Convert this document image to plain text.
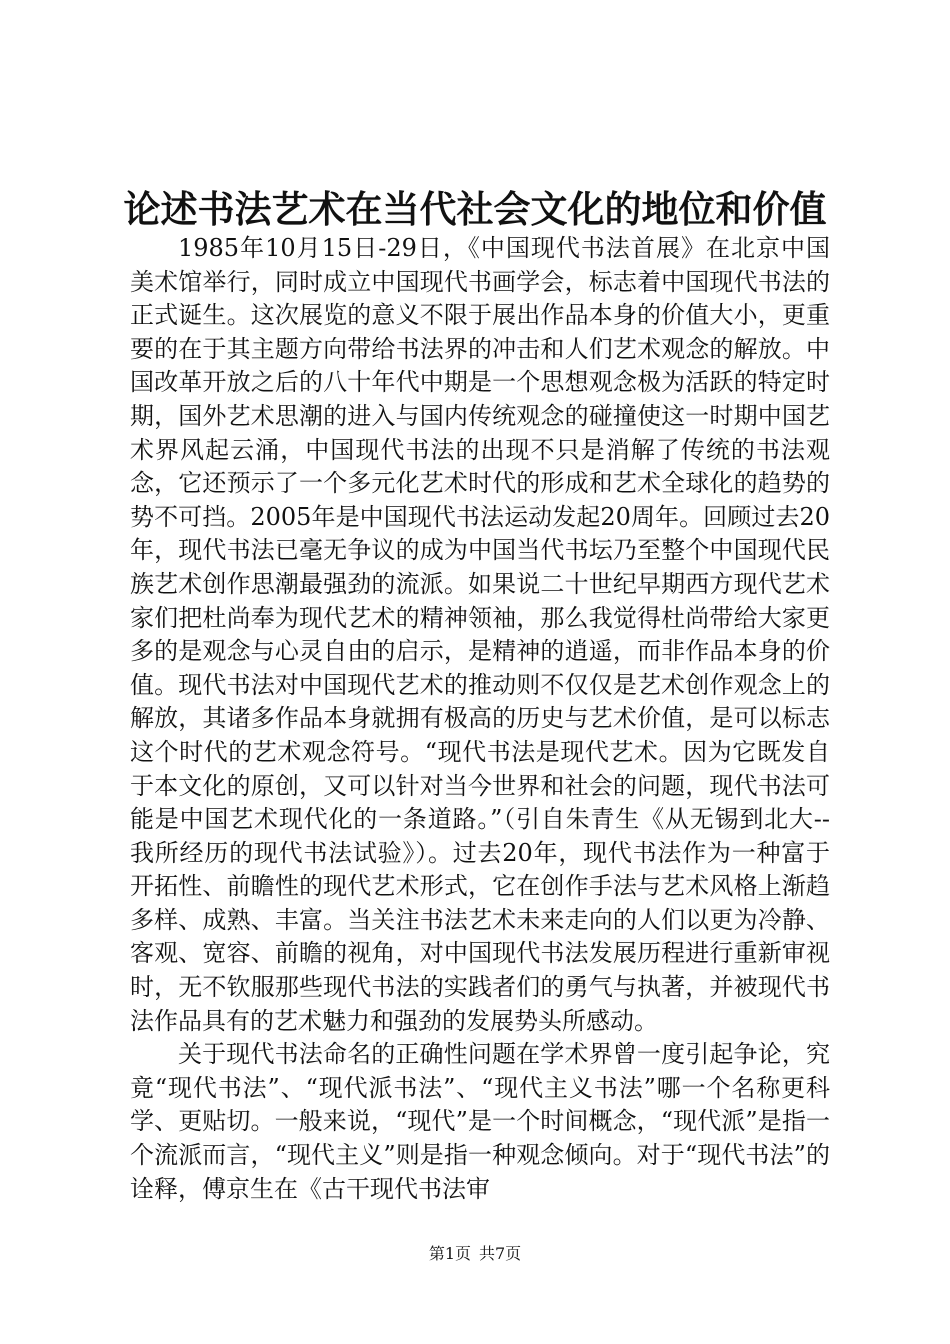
论述书法艺术在当代社会文化的地位和价值

1985年10月15日-29日，《中国现代书法首展》在北京中国美术馆举行，同时成立中国现代书画学会，标志着中国现代书法的正式诞生。这次展览的意义不限于展出作品本身的价值大小，更重要的在于其主题方向带给书法界的冲击和人们艺术观念的解放。中国改革开放之后的八十年代中期是一个思想观念极为活跃的特定时期，国外艺术思潮的进入与国内传统观念的碰撞使这一时期中国艺术界风起云涌，中国现代书法的出现不只是消解了传统的书法观念，它还预示了一个多元化艺术时代的形成和艺术全球化的趋势的势不可挡。2005年是中国现代书法运动发起20周年。回顾过去20年，现代书法已毫无争议的成为中国当代书坛乃至整个中国现代民族艺术创作思潮最强劲的流派。如果说二十世纪早期西方现代艺术家们把杜尚奉为现代艺术的精神领袖，那么我觉得杜尚带给大家更多的是观念与心灵自由的启示，是精神的逍遥，而非作品本身的价值。现代书法对中国现代艺术的推动则不仅仅是艺术创作观念上的解放，其诸多作品本身就拥有极高的历史与艺术价值，是可以标志这个时代的艺术观念符号。“现代书法是现代艺术。因为它既发自于本文化的原创，又可以针对当今世界和社会的问题，现代书法可能是中国艺术现代化的一条道路。”（引自朱青生《从无锡到北大--我所经历的现代书法试验》）。过去20年，现代书法作为一种富于开拓性、前瞻性的现代艺术形式，它在创作手法与艺术风格上渐趋多样、成熟、丰富。当关注书法艺术未来走向的人们以更为冷静、客观、宽容、前瞻的视角，对中国现代书法发展历程进行重新审视时，无不钦服那些现代书法的实践者们的勇气与执著，并被现代书法作品具有的艺术魅力和强劲的发展势头所感动。

关于现代书法命名的正确性问题在学术界曾一度引起争论，究竟“现代书法”、“现代派书法”、“现代主义书法”哪一个名称更科学、更贴切。一般来说，“现代”是一个时间概念，“现代派”是指一个流派而言，“现代主义”则是指一种观念倾向。对于“现代书法”的诠释，傅京生在《古干现代书法审

第1页 共7页
